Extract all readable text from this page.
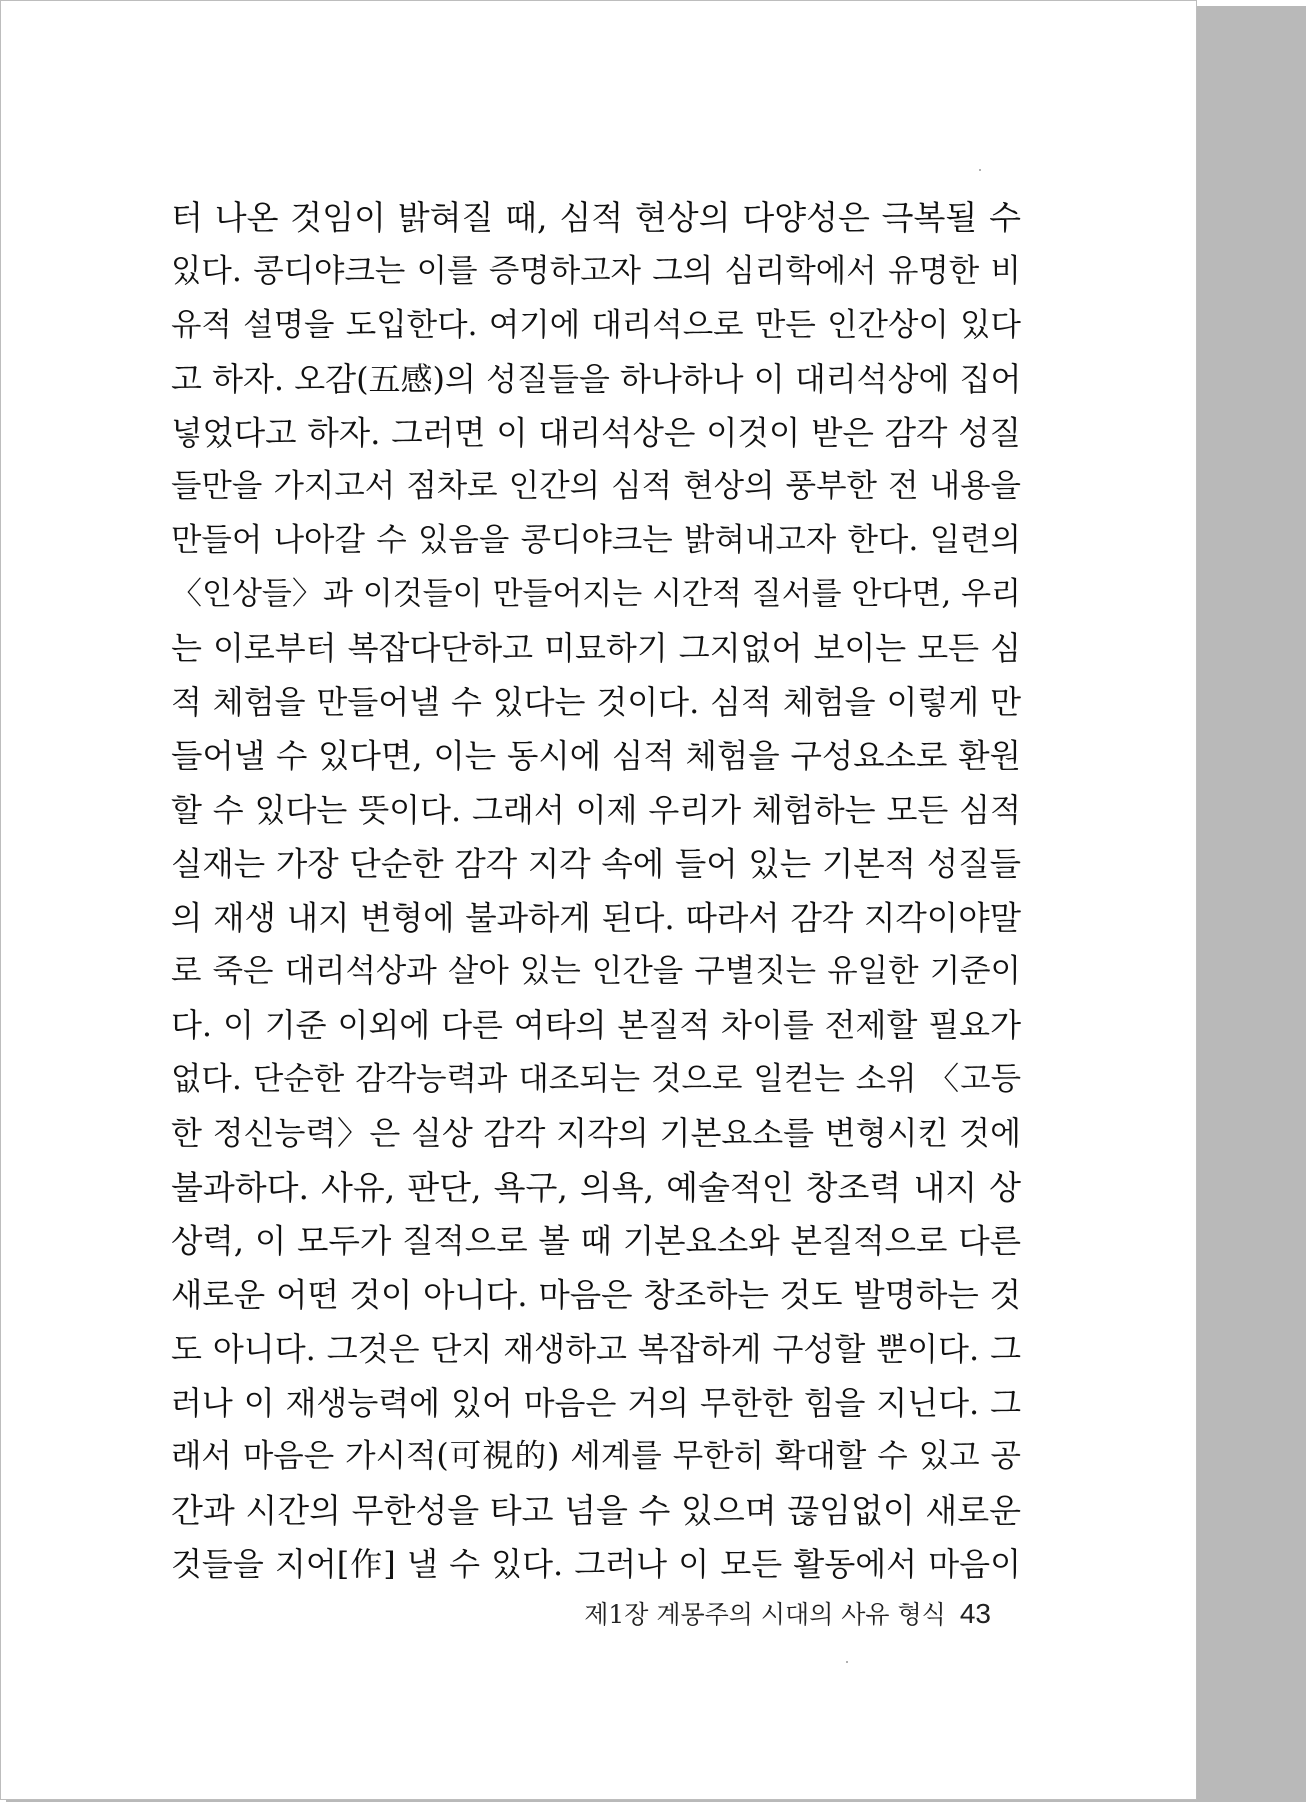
터 나온 것임이 밝혀질 때, 심적 현상의 다양성은 극복될 수
있다. 콩디야크는 이를 증명하고자 그의 심리학에서 유명한 비
유적 설명을 도입한다. 여기에 대리석으로 만든 인간상이 있다
고 하자. 오감(五感)의 성질들을 하나하나 이 대리석상에 집어
넣었다고 하자. 그러면 이 대리석상은 이것이 받은 감각 성질
들만을 가지고서 점차로 인간의 심적 현상의 풍부한 전 내용을
만들어 나아갈 수 있음을 콩디야크는 밝혀내고자 한다. 일련의
〈인상들〉과 이것들이 만들어지는 시간적 질서를 안다면, 우리
는 이로부터 복잡다단하고 미묘하기 그지없어 보이는 모든 심
적 체험을 만들어낼 수 있다는 것이다. 심적 체험을 이렇게 만
들어낼 수 있다면, 이는 동시에 심적 체험을 구성요소로 환원
할 수 있다는 뜻이다. 그래서 이제 우리가 체험하는 모든 심적
실재는 가장 단순한 감각 지각 속에 들어 있는 기본적 성질들
의 재생 내지 변형에 불과하게 된다. 따라서 감각 지각이야말
로 죽은 대리석상과 살아 있는 인간을 구별짓는 유일한 기준이
다. 이 기준 이외에 다른 여타의 본질적 차이를 전제할 필요가
없다. 단순한 감각능력과 대조되는 것으로 일컫는 소위 〈고등
한 정신능력〉은 실상 감각 지각의 기본요소를 변형시킨 것에
불과하다. 사유, 판단, 욕구, 의욕, 예술적인 창조력 내지 상
상력, 이 모두가 질적으로 볼 때 기본요소와 본질적으로 다른
새로운 어떤 것이 아니다. 마음은 창조하는 것도 발명하는 것
도 아니다. 그것은 단지 재생하고 복잡하게 구성할 뿐이다. 그
러나 이 재생능력에 있어 마음은 거의 무한한 힘을 지닌다. 그
래서 마음은 가시적(可視的) 세계를 무한히 확대할 수 있고 공
간과 시간의 무한성을 타고 넘을 수 있으며 끊임없이 새로운
것들을 지어[作] 낼 수 있다. 그러나 이 모든 활동에서 마음이
제1장 계몽주의 시대의 사유 형식 43
